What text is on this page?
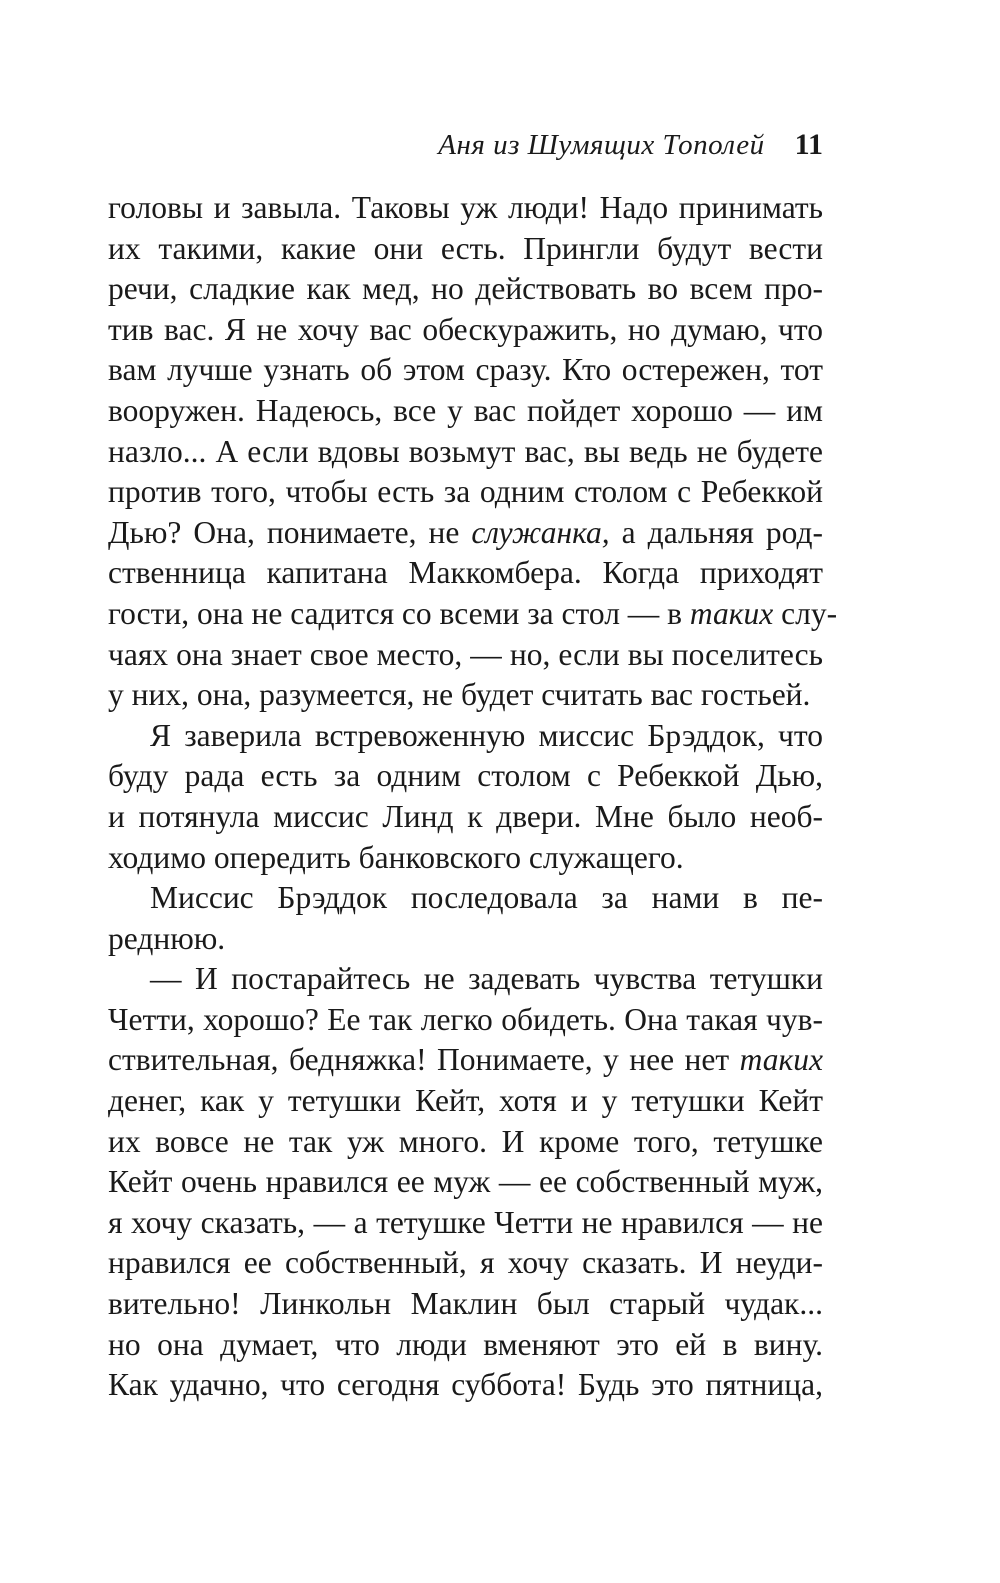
Аня из Шумящих Тополей 11
головы и завыла. Таковы уж люди! Надо принимать
их такими, какие они есть. Прингли будут вести
речи, сладкие как мед, но действовать во всем про-
тив вас. Я не хочу вас обескуражить, но думаю, что
вам лучше узнать об этом сразу. Кто остережен, тот
вооружен. Надеюсь, все у вас пойдет хорошо — им
назло... А если вдовы возьмут вас, вы ведь не будете
против того, чтобы есть за одним столом с Ребеккой
Дью? Она, понимаете, не служанка, а дальняя род-
ственница капитана Маккомбера. Когда приходят
гости, она не садится со всеми за стол — в таких слу-
чаях она знает свое место, — но, если вы поселитесь
у них, она, разумеется, не будет считать вас гостьей.
Я заверила встревоженную миссис Брэддок, что
буду рада есть за одним столом с Ребеккой Дью,
и потянула миссис Линд к двери. Мне было необ-
ходимо опередить банковского служащего.
Миссис Брэддок последовала за нами в пе-
реднюю.
— И постарайтесь не задевать чувства тетушки
Четти, хорошо? Ее так легко обидеть. Она такая чув-
ствительная, бедняжка! Понимаете, у нее нет таких
денег, как у тетушки Кейт, хотя и у тетушки Кейт
их вовсе не так уж много. И кроме того, тетушке
Кейт очень нравился ее муж — ее собственный муж,
я хочу сказать, — а тетушке Четти не нравился — не
нравился ее собственный, я хочу сказать. И неуди-
вительно! Линкольн Маклин был старый чудак...
но она думает, что люди вменяют это ей в вину.
Как удачно, что сегодня суббота! Будь это пятница,
